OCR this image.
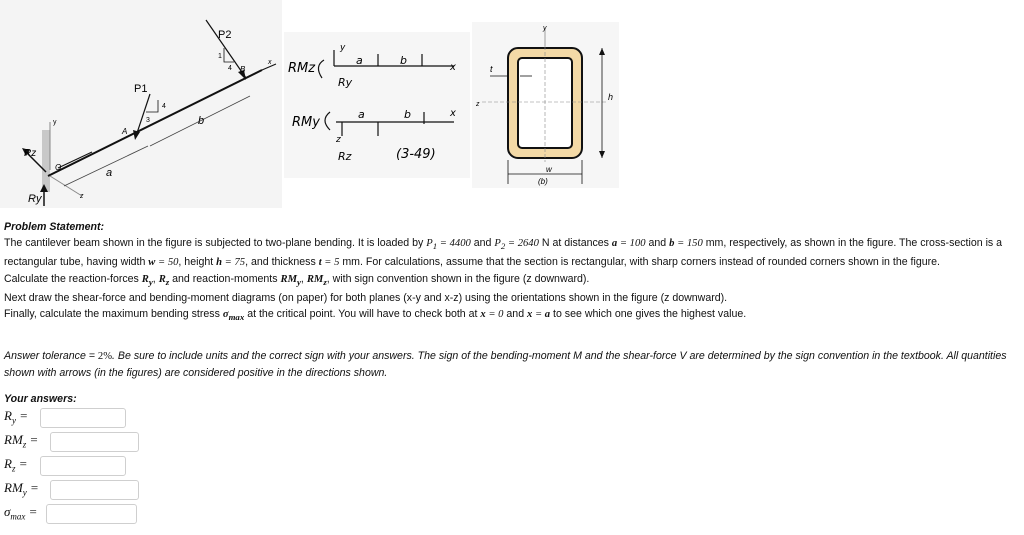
y
z
P2
1
4 B
x
P1
3
4
A
a
b
O
Rz
Ry
RMz
y
x
a	b
Ry
RMy
x
a	b
z
Rz	(3-49)
y
z
t
h
w
(b)
Problem Statement:

The cantilever beam shown in the figure is subjected to two-plane bending. It is loaded by $P_1 = 4400$ and $P_2 = 2640$ N at distances a = 100 and b = 150 mm, respectively, as shown in the figure. The cross-section is a rectangular tube, having width w = 50, height h = 75, and thickness t = 5 mm. For calculations, assume that the section is rectangular, with sharp corners instead of rounded corners shown in the figure.

Calculate the reaction-forces $R_y$, $R_z$ and reaction-moments $RM_y$, $RM_z$, with sign convention shown in the figure (z downward).

Next draw the shear-force and bending-moment diagrams (on paper) for both planes (x-y and x-z) using the orientations shown in the figure (z downward).

Finally, calculate the maximum bending stress $\sigma_{max}$ at the critical point. You will have to check both at x = 0 and x = a to see which one gives the highest value.

Answer tolerance = 2%. Be sure to include units and the correct sign with your answers. The sign of the bending-moment M and the shear-force V are determined by the sign convention in the textbook. All quantities shown with arrows (in the figures) are considered positive in the directions shown.
Your answers:
$R_y$ =
$RM_z$ =
$R_z$ =
$RM_y$ =
$\sigma_{max}$ =
